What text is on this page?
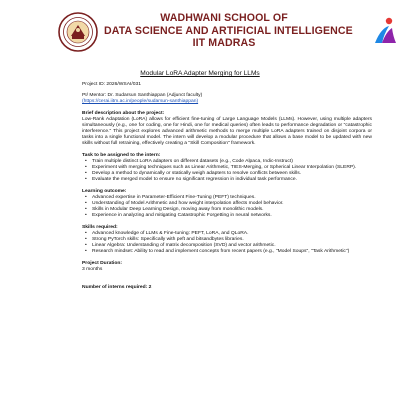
WADHWANI SCHOOL OF
DATA SCIENCE AND ARTIFICIAL INTELLIGENCE
IIT MADRAS
Modular LoRA Adapter Merging for LLMs

Project ID: 2026/WSAI/031

PI/ Mentor: Dr. Sudarsun Santhiappan (Adjunct faculty)

(https://cerai.iitm.ac.in/people/sudarsun-santhiappan)

Brief description about the project:

Low-Rank Adaptation (LoRA) allows for efficient fine-tuning of Large Language Models (LLMs). However, using multiple adapters simultaneously (e.g., one for coding, one for Hindi, one for medical queries) often leads to performance degradation or "catastrophic interference." This project explores advanced arithmetic methods to merge multiple LoRA adapters trained on disjoint corpora or tasks into a single functional model. The intern will develop a modular procedure that allows a base model to be updated with new skills without full retraining, effectively creating a "Skill Composition" framework.

Task to be assigned to the intern:

• Train multiple distinct LoRA adapters on different datasets (e.g., Code Alpaca, Indic-Instruct)
• Experiment with merging techniques such as Linear Arithmetic, TIES-Merging, or Spherical Linear Interpolation (SLERP).
• Develop a method to dynamically or statically weigh adapters to resolve conflicts between skills.
• Evaluate the merged model to ensure no significant regression in individual task performance.

Learning outcome:

• Advanced expertise in Parameter-Efficient Fine-Tuning (PEFT) techniques.
• Understanding of Model Arithmetic and how weight interpolation affects model behavior.
• Skills in Modular Deep Learning Design, moving away from monolithic models.
• Experience in analyzing and mitigating Catastrophic Forgetting in neural networks.

Skills required:

• Advanced knowledge of LLMs & Fine-tuning: PEFT, LoRA, and QLoRA.
• Strong PyTorch skills: Specifically with peft and bitsandbytes libraries.
• Linear Algebra: Understanding of matrix decomposition (SVD) and vector arithmetic.
• Research mindset: Ability to read and implement concepts from recent papers (e.g., "Model Soups", "Task Arithmetic")

Project Duration:

3 months

Number of interns required: 2
